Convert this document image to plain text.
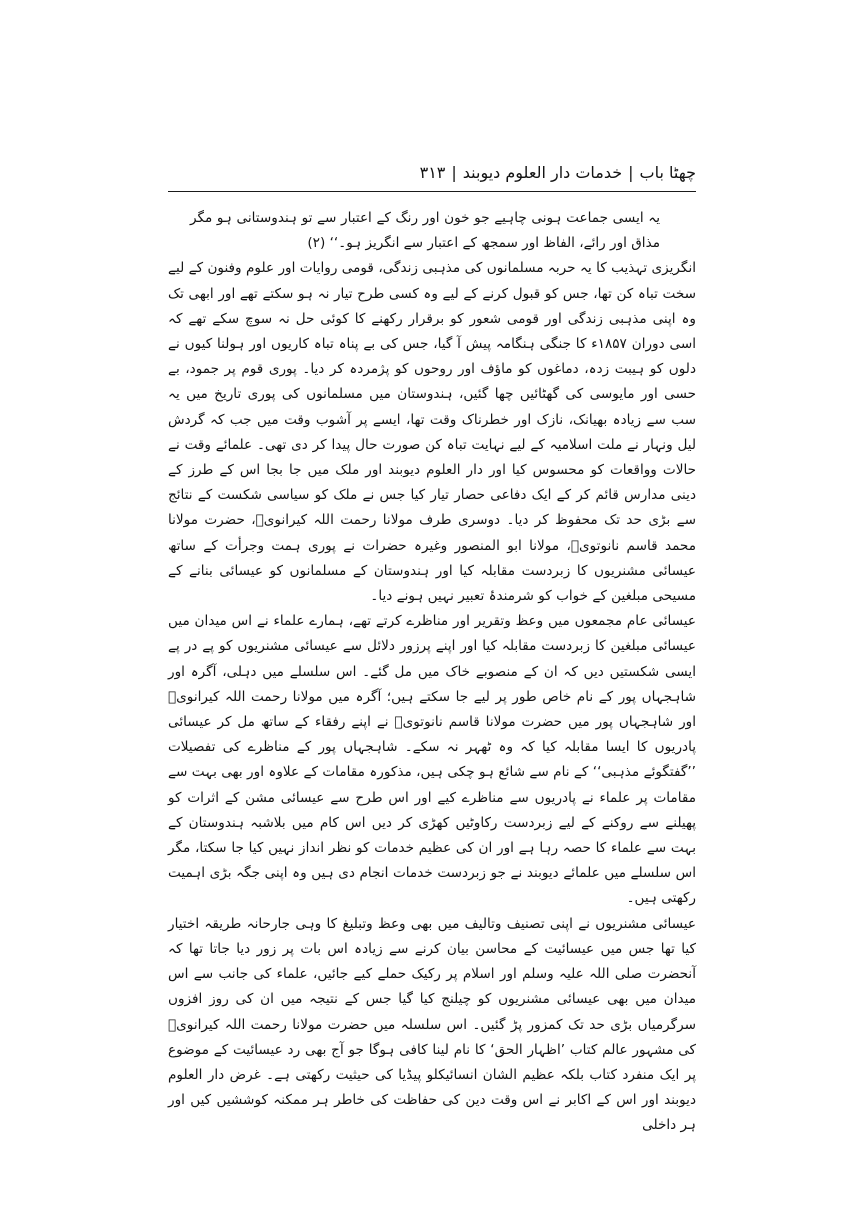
چھٹا باب|خدمات دار العلوم دیوبند|۳۱۳

یہ ایسی جماعت ہونی چاہیے جو خون اور رنگ کے اعتبار سے تو ہندوستانی ہو مگر مذاق اور رائے، الفاظ اور سمجھ کے اعتبار سے انگریز ہو۔‘‘ (۲)

انگریزی تہذیب کا یہ حربہ مسلمانوں کی مذہبی زندگی، قومی روایات اور علوم وفنون کے لیے سخت تباہ کن تھا، جس کو قبول کرنے کے لیے وہ کسی طرح تیار نہ ہو سکتے تھے اور ابھی تک وہ اپنی مذہبی زندگی اور قومی شعور کو برقرار رکھنے کا کوئی حل نہ سوچ سکے تھے کہ اسی دوران ۱۸۵۷ء کا جنگی ہنگامہ پیش آ گیا، جس کی بے پناہ تباہ کاریوں اور ہولنا کیوں نے دلوں کو ہیبت زدہ، دماغوں کو ماؤف اور روحوں کو پژمردہ کر دیا۔ پوری قوم پر جمود، بے حسی اور مایوسی کی گھٹائیں چھا گئیں، ہندوستان میں مسلمانوں کی پوری تاریخ میں یہ سب سے زیادہ بھیانک، نازک اور خطرناک وقت تھا، ایسے پر آشوب وقت میں جب کہ گردش لیل ونہار نے ملت اسلامیہ کے لیے نہایت تباہ کن صورت حال پیدا کر دی تھی۔ علمائے وقت نے حالات وواقعات کو محسوس کیا اور دار العلوم دیوبند اور ملک میں جا بجا اس کے طرز کے دینی مدارس قائم کر کے ایک دفاعی حصار تیار کیا جس نے ملک کو سیاسی شکست کے نتائج سے بڑی حد تک محفوظ کر دیا۔ دوسری طرف مولانا رحمت اللہ کیرانویؒ، حضرت مولانا محمد قاسم نانوتویؒ، مولانا ابو المنصور وغیرہ حضرات نے پوری ہمت وجرأت کے ساتھ عیسائی مشنریوں کا زبردست مقابلہ کیا اور ہندوستان کے مسلمانوں کو عیسائی بنانے کے مسیحی مبلغین کے خواب کو شرمندۂ تعبیر نہیں ہونے دیا۔

عیسائی عام مجمعوں میں وعظ وتقریر اور مناظرے کرتے تھے، ہمارے علماء نے اس میدان میں عیسائی مبلغین کا زبردست مقابلہ کیا اور اپنے پرزور دلائل سے عیسائی مشنریوں کو پے در پے ایسی شکستیں دیں کہ ان کے منصوبے خاک میں مل گئے۔ اس سلسلے میں دہلی، آگرہ اور شاہجہاں پور کے نام خاص طور پر لیے جا سکتے ہیں؛ آگرہ میں مولانا رحمت اللہ کیرانویؒ اور شاہجہاں پور میں حضرت مولانا قاسم نانوتویؒ نے اپنے رفقاء کے ساتھ مل کر عیسائی پادریوں کا ایسا مقابلہ کیا کہ وہ ٹھہر نہ سکے۔ شاہجہاں پور کے مناظرے کی تفصیلات ’’گفتگوئے مذہبی‘‘ کے نام سے شائع ہو چکی ہیں، مذکورہ مقامات کے علاوہ اور بھی بہت سے مقامات پر علماء نے پادریوں سے مناظرے کیے اور اس طرح سے عیسائی مشن کے اثرات کو پھیلنے سے روکنے کے لیے زبردست رکاوٹیں کھڑی کر دیں اس کام میں بلاشبہ ہندوستان کے بہت سے علماء کا حصہ رہا ہے اور ان کی عظیم خدمات کو نظر انداز نہیں کیا جا سکتا، مگر اس سلسلے میں علمائے دیوبند نے جو زبردست خدمات انجام دی ہیں وہ اپنی جگہ بڑی اہمیت رکھتی ہیں۔

عیسائی مشنریوں نے اپنی تصنیف وتالیف میں بھی وعظ وتبلیغ کا وہی جارحانہ طریقہ اختیار کیا تھا جس میں عیسائیت کے محاسن بیان کرنے سے زیادہ اس بات پر زور دیا جاتا تھا کہ آنحضرت صلی اللہ علیہ وسلم اور اسلام پر رکیک حملے کیے جائیں، علماء کی جانب سے اس میدان میں بھی عیسائی مشنریوں کو چیلنج کیا گیا جس کے نتیجہ میں ان کی روز افزوں سرگرمیاں بڑی حد تک کمزور پڑ گئیں۔ اس سلسلہ میں حضرت مولانا رحمت اللہ کیرانویؒ کی مشہور عالم کتاب ’اظہار الحق‘ کا نام لینا کافی ہوگا جو آج بھی رد عیسائیت کے موضوع پر ایک منفرد کتاب بلکہ عظیم الشان انسائیکلو پیڈیا کی حیثیت رکھتی ہے۔ غرض دار العلوم دیوبند اور اس کے اکابر نے اس وقت دین کی حفاظت کی خاطر ہر ممکنہ کوششیں کیں اور ہر داخلی
